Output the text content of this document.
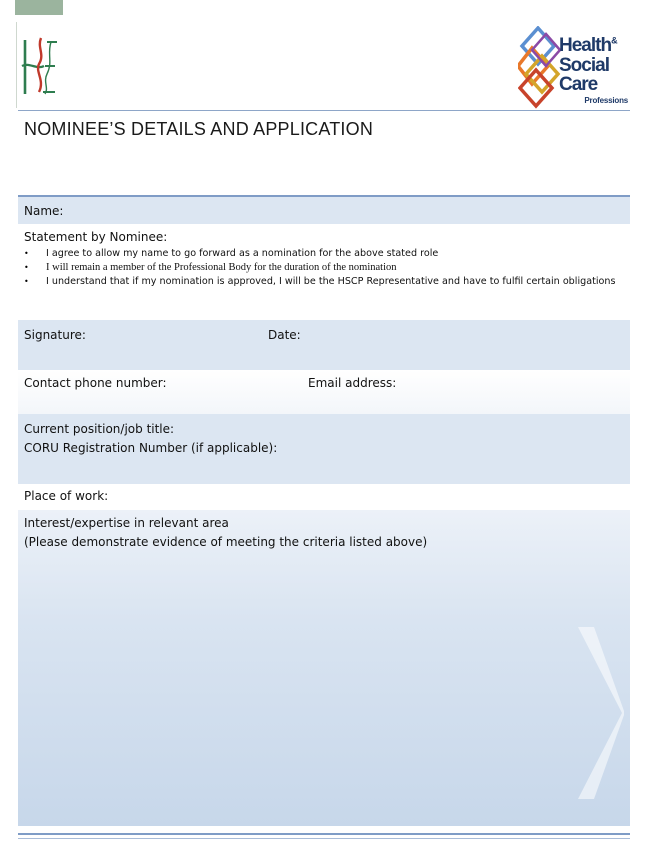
Health&
Social Care
Professions
NOMINEE’S DETAILS AND APPLICATION
Name:
Statement by Nominee:
• I agree to allow my name to go forward as a nomination for the above stated role
• I will remain a member of the Professional Body for the duration of the nomination
• I understand that if my nomination is approved, I will be the HSCP Representative and have to fulfil certain obligations
Signature:	Date:
Contact phone number:	Email address:
Current position/job title:
CORU Registration Number (if applicable):
Place of work:
Interest/expertise in relevant area
(Please demonstrate evidence of meeting the criteria listed above)
